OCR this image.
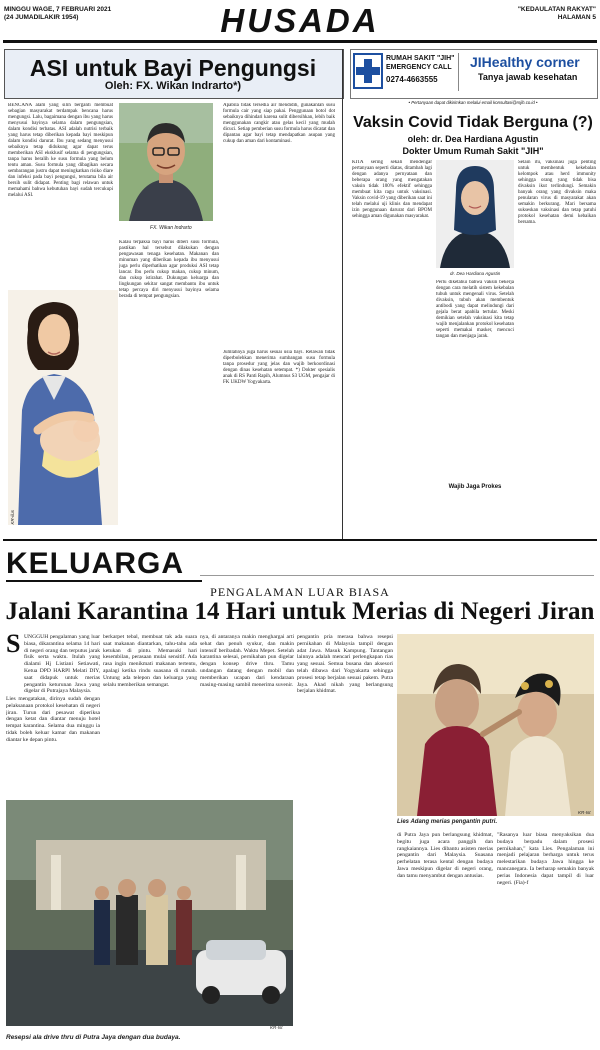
MINGGU WAGE, 7 FEBRUARI 2021
(24 JUMADILAKIR 1954)	HUSADA	"KEDAULATAN RAKYAT"
HALAMAN 5
ASI untuk Bayi Pengungsi
Oleh: FX. Wikan Indrarto*)
BENCANA alam yang silih berganti membuat sebagian masyarakat terdampak bencana harus mengungsi. Lalu, bagaimana dengan ibu yang harus menyusui bayinya selama dalam pengungsian, dalam kondisi terbatas. ASI adalah nutrisi terbaik yang harus tetap diberikan kepada bayi meskipun dalam kondisi darurat. Ibu yang sedang menyusui sebaiknya tetap didukung agar dapat terus memberikan ASI eksklusif selama di pengungsian, tanpa harus beralih ke susu formula yang belum tentu aman. Susu formula yang dibagikan secara sembarangan justru dapat meningkatkan risiko diare dan infeksi pada bayi pengungsi, terutama bila air bersih sulit didapat. Penting bagi relawan untuk memahami bahwa kebutuhan bayi sudah tercukupi melalui ASI.
FX. Wikan Indrarto
KR-ilus
Kalau terpaksa bayi harus diberi susu formula, pastikan hal tersebut dilakukan dengan pengawasan tenaga kesehatan. Makanan dan minuman yang diberikan kepada ibu menyusui juga perlu diperhatikan agar produksi ASI tetap lancar. Ibu perlu cukup makan, cukup minum, dan cukup istirahat. Dukungan keluarga dan lingkungan sekitar sangat membantu ibu untuk tetap percaya diri menyusui bayinya selama berada di tempat pengungsian.
Apabila tidak tersedia air mendidih, gunakanlah susu formula cair yang siap pakai. Penggunaan botol dot sebaiknya dihindari karena sulit dibersihkan, lebih baik menggunakan cangkir atau gelas kecil yang mudah dicuci. Setiap pemberian susu formula harus dicatat dan dipantau agar bayi tetap mendapatkan asupan yang cukup dan aman dari kontaminasi.
Jumlahnya juga harus sesuai usia bayi. Relawan tidak diperbolehkan menerima sumbangan susu formula tanpa prosedur yang jelas dan wajib berkoordinasi dengan dinas kesehatan setempat. *) Dokter spesialis anak di RS Panti Rapih, Alumnus S3 UGM, pengajar di FK UKDW Yogyakarta.
RUMAH SAKIT "JIH"
EMERGENCY CALL
0274-4663555
JIHealthy corner
Tanya jawab kesehatan
• Pertanyaan dapat dikirimkan melalui email konsultasi@rsjih.co.id •
Vaksin Covid Tidak Berguna (?)
oleh: dr. Dea Hardiana Agustin
Dokter Umum Rumah Sakit "JIH"
KITA sering sekali mendengar pertanyaan seperti diatas, ditambah lagi dengan adanya pernyataan dan beberapa orang yang mengatakan vaksin tidak 100% efektif sehingga membuat kita ragu untuk vaksinasi. Vaksin covid-19 yang diberikan saat ini telah melalui uji klinis dan mendapat izin penggunaan darurat dari BPOM sehingga aman digunakan masyarakat.
dr. Dea Hardiana Agustin
Perlu diketahui bahwa vaksin bekerja dengan cara melatih sistem kekebalan tubuh untuk mengenali virus. Setelah divaksin, tubuh akan membentuk antibodi yang dapat melindungi dari gejala berat apabila tertular. Meski demikian setelah vaksinasi kita tetap wajib menjalankan protokol kesehatan seperti memakai masker, mencuci tangan dan menjaga jarak.
Wajib Jaga Prokes
Selain itu, vaksinasi juga penting untuk membentuk kekebalan kelompok atau herd immunity sehingga orang yang tidak bisa divaksin ikut terlindungi. Semakin banyak orang yang divaksin maka penularan virus di masyarakat akan semakin berkurang. Mari bersama sukseskan vaksinasi dan tetap patuhi protokol kesehatan demi kebaikan bersama.
KELUARGA
PENGALAMAN LUAR BIASA
Jalani Karantina 14 Hari untuk Merias di Negeri Jiran
S UNGGUH pengalaman yang luar biasa, dikarantina selama 14 hari di negeri orang dan terputus jarak fisik serta waktu. Itulah yang dialami Hj Listiani Setiawati, Ketua DPD HARPI Melati DIY, saat didapuk untuk merias pengantin keturunan Jawa yang digelar di Putrajaya Malaysia.
Lies mengatakan, dirinya sudah dengan pelaksanaan protokol kesehatan di negeri jiran. Turun dari pesawat diperiksa dengan ketat dan diantar menuju hotel tempat karantina. Selama dua minggu ia tidak boleh keluar kamar dan makanan diantar ke depan pintu.
berkarpet tebal, membuat tak ada suara saat makanan diantarkan, tahu-tahu ada ketukan di pintu. Memasuki hari kesembilan, perasaan mulai sensitif. Ada rasa ingin menikmati makanan tertentu, apalagi ketika rindu suasana di rumah. Untung ada telepon dan keluarga yang selalu memberikan semangat.
nya, di antaranya makin menghargai arti sehat dan penuh syukur, dan makin intensif beribadah. Waktu Mepet. Setelah karantina selesai, pernikahan pun digelar dengan konsep drive thru. Tamu undangan datang dengan mobil dan memberikan ucapan dari kendaraan masing-masing sambil menerima suvenir.
pengantin pria merasa bahwa resepsi pernikahan di Malaysia tampil dengan adat Jawa. Masuk Kampung. Tantangan lainnya adalah mencari perlengkapan rias yang sesuai. Semua busana dan aksesori telah dibawa dari Yogyakarta sehingga prosesi tetap berjalan sesuai pakem. Putra Jaya. Akad nikah yang berlangsung berjalan khidmat.
KR-Ist
Resepsi ala drive thru di Putra Jaya dengan dua budaya.
Lies Adang merias pengantin putri.
KR-Ist
di Putra Jaya pun berlangsung khidmat, begitu juga acara panggih dan rangkaiannya. Lies dibantu asisten merias pengantin dari Malaysia. Suasana perhelatan terasa kental dengan budaya Jawa meskipun digelar di negeri orang, dan tamu menyambut dengan antusias.
"Rasanya luar biasa menyaksikan dua budaya berpadu dalam prosesi pernikahan," kata Lies. Pengalaman ini menjadi pelajaran berharga untuk terus melestarikan budaya Jawa hingga ke mancanegara. Ia berharap semakin banyak perias Indonesia dapat tampil di luar negeri. (Fia)-f
